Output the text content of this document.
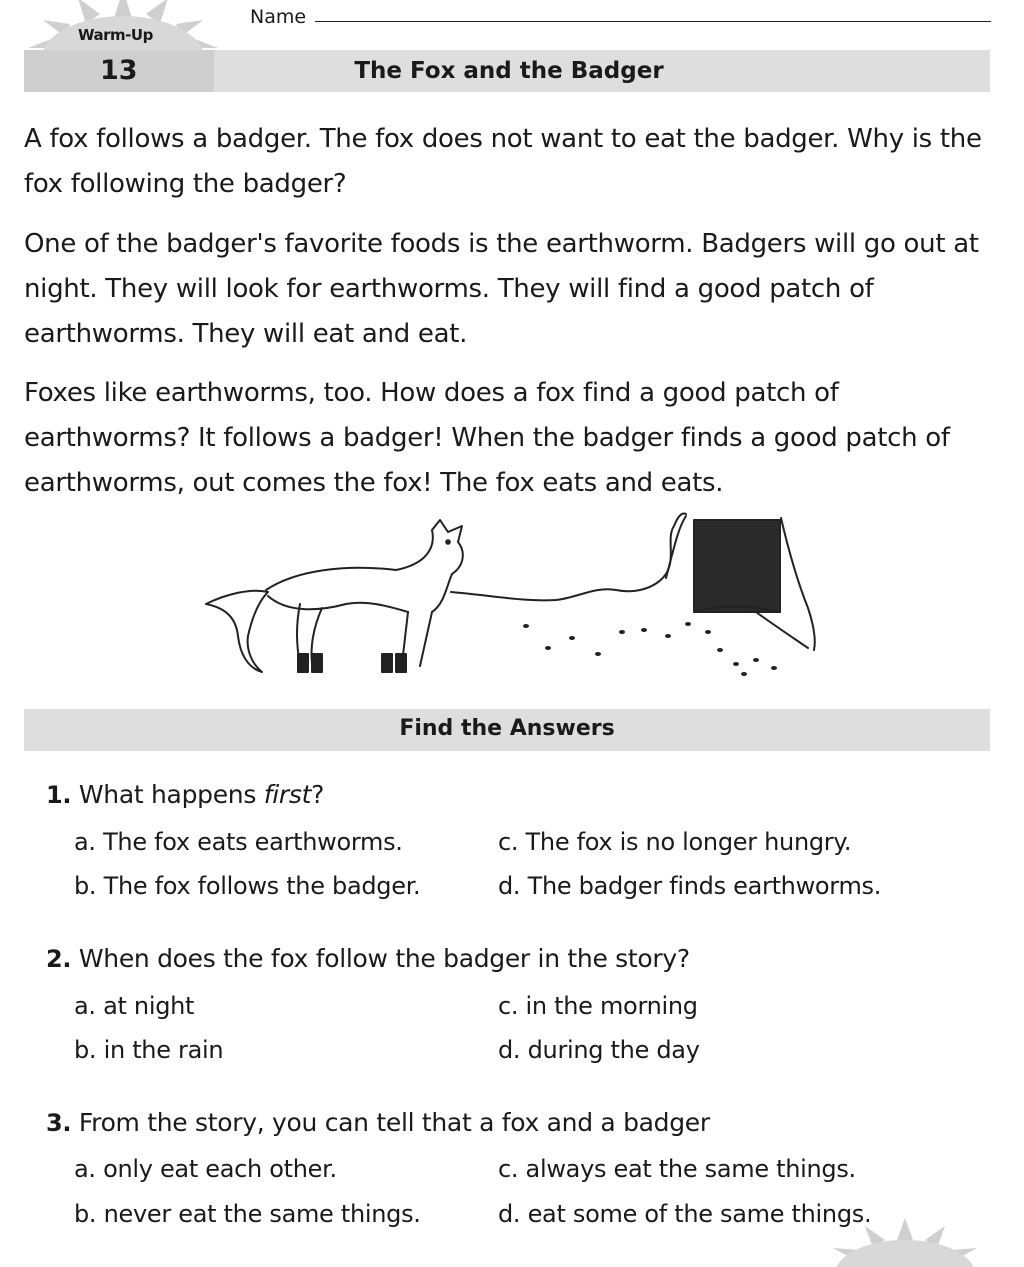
Warm-Up
Name
13	The Fox and the Badger

A fox follows a badger. The fox does not want to eat the badger. Why is the fox following the badger?

One of the badger's favorite foods is the earthworm. Badgers will go out at night. They will look for earthworms. They will find a good patch of earthworms. They will eat and eat.

Foxes like earthworms, too. How does a fox find a good patch of earthworms? It follows a badger! When the badger finds a good patch of earthworms, out comes the fox! The fox eats and eats.

Find the Answers
1. What happens first?
a. The fox eats earthworms.
b. The fox follows the badger.
c. The fox is no longer hungry.
d. The badger finds earthworms.
2. When does the fox follow the badger in the story?
a. at night
b. in the rain
c. in the morning
d. during the day
3. From the story, you can tell that a fox and a badger
a. only eat each other.
b. never eat the same things.
c. always eat the same things.
d. eat some of the same things.
